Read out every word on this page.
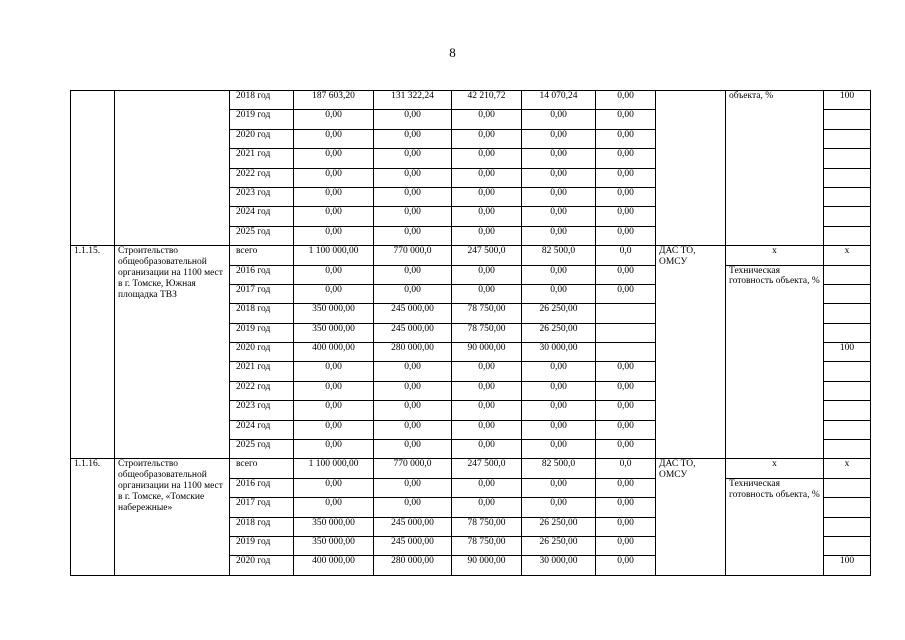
8
		2018 год	187 603,20	131 322,24	42 210,72	14 070,24	0,00		объекта, %	100
		2019 год	0,00	0,00	0,00	0,00	0,00			
		2020 год	0,00	0,00	0,00	0,00	0,00			
		2021 год	0,00	0,00	0,00	0,00	0,00			
		2022 год	0,00	0,00	0,00	0,00	0,00			
		2023 год	0,00	0,00	0,00	0,00	0,00			
		2024 год	0,00	0,00	0,00	0,00	0,00			
		2025 год	0,00	0,00	0,00	0,00	0,00			
1.1.15.	Строительство общеобразовательной организации на 1100 мест в г. Томске, Южная площадка ТВЗ	всего	1 100 000,00	770 000,0	247 500,0	82 500,0	0,0	ДАС ТО, ОМСУ	х	х
		2016 год	0,00	0,00	0,00	0,00	0,00		Техническая готовность объекта, %	
		2017 год	0,00	0,00	0,00	0,00	0,00			
		2018 год	350 000,00	245 000,00	78 750,00	26 250,00				
		2019 год	350 000,00	245 000,00	78 750,00	26 250,00				
		2020 год	400 000,00	280 000,00	90 000,00	30 000,00				100
		2021 год	0,00	0,00	0,00	0,00	0,00			
		2022 год	0,00	0,00	0,00	0,00	0,00			
		2023 год	0,00	0,00	0,00	0,00	0,00			
		2024 год	0,00	0,00	0,00	0,00	0,00			
		2025 год	0,00	0,00	0,00	0,00	0,00			
1.1.16.	Строительство общеобразовательной организации на 1100 мест в г. Томске, «Томские набережные»	всего	1 100 000,00	770 000,0	247 500,0	82 500,0	0,0	ДАС ТО, ОМСУ	х	х
		2016 год	0,00	0,00	0,00	0,00	0,00		Техническая готовность объекта, %	
		2017 год	0,00	0,00	0,00	0,00	0,00			
		2018 год	350 000,00	245 000,00	78 750,00	26 250,00	0,00			
		2019 год	350 000,00	245 000,00	78 750,00	26 250,00	0,00			
		2020 год	400 000,00	280 000,00	90 000,00	30 000,00	0,00			100
